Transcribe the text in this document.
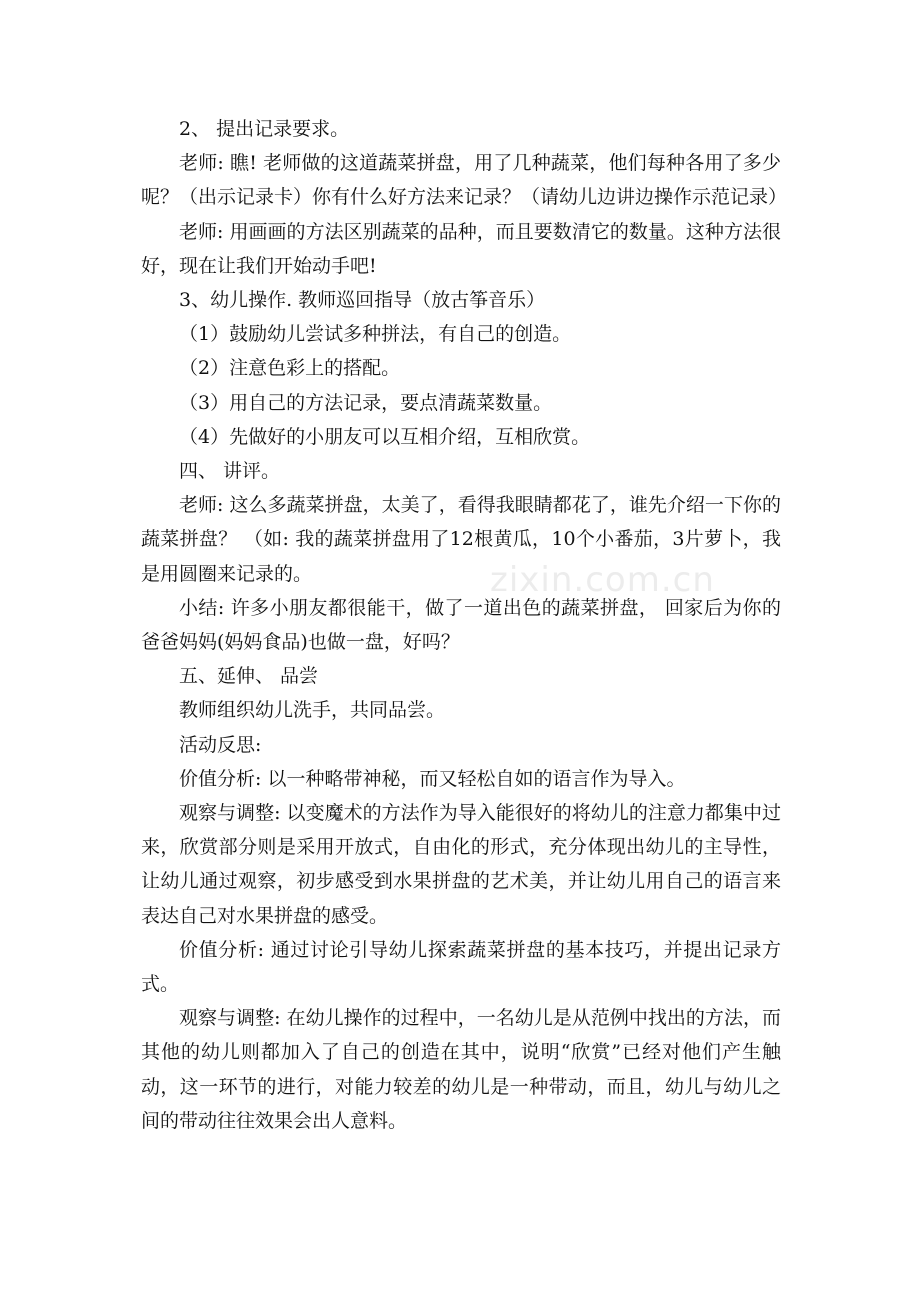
2、 提出记录要求。

老师: 瞧! 老师做的这道蔬菜拼盘，用了几种蔬菜，他们每种各用了多少呢？（出示记录卡）你有什么好方法来记录？（请幼儿边讲边操作示范记录）

老师: 用画画的方法区别蔬菜的品种，而且要数清它的数量。这种方法很好，现在让我们开始动手吧!

3、幼儿操作. 教师巡回指导（放古筝音乐）

（1）鼓励幼儿尝试多种拼法，有自己的创造。

（2）注意色彩上的搭配。

（3）用自己的方法记录，要点清蔬菜数量。

（4）先做好的小朋友可以互相介绍，互相欣赏。

四、 讲评。

老师: 这么多蔬菜拼盘，太美了，看得我眼睛都花了，谁先介绍一下你的蔬菜拼盘？ （如: 我的蔬菜拼盘用了12根黄瓜，10个小番茄，3片萝卜，我是用圆圈来记录的。

小结: 许多小朋友都很能干，做了一道出色的蔬菜拼盘， 回家后为你的爸爸妈妈(妈妈食品)也做一盘，好吗？

五、延伸、 品尝

教师组织幼儿洗手，共同品尝。

活动反思:

价值分析: 以一种略带神秘，而又轻松自如的语言作为导入。

观察与调整: 以变魔术的方法作为导入能很好的将幼儿的注意力都集中过来，欣赏部分则是采用开放式，自由化的形式，充分体现出幼儿的主导性，让幼儿通过观察，初步感受到水果拼盘的艺术美，并让幼儿用自己的语言来表达自己对水果拼盘的感受。

价值分析: 通过讨论引导幼儿探索蔬菜拼盘的基本技巧，并提出记录方式。

观察与调整: 在幼儿操作的过程中，一名幼儿是从范例中找出的方法，而其他的幼儿则都加入了自己的创造在其中，说明“欣赏”已经对他们产生触动，这一环节的进行，对能力较差的幼儿是一种带动，而且，幼儿与幼儿之间的带动往往效果会出人意料。

zixin.com.cn
